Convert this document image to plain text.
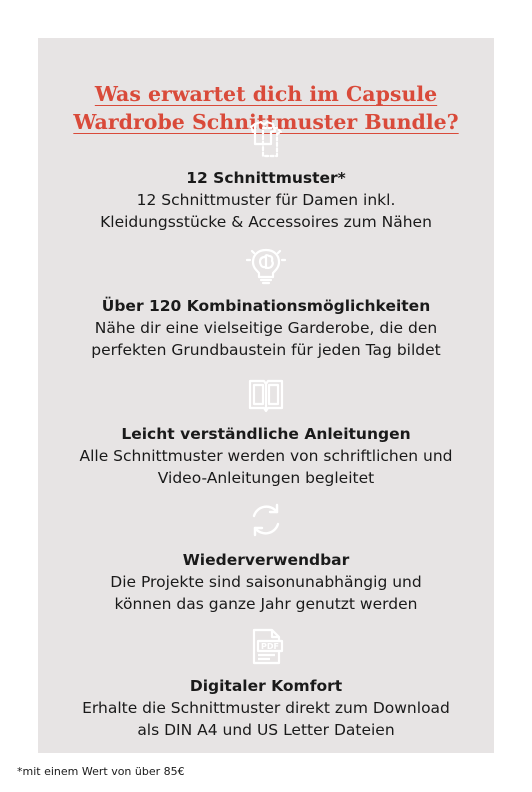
Was erwartet dich im Capsule
Wardrobe Schnittmuster Bundle?
12 Schnittmuster*
12 Schnittmuster für Damen inkl.
Kleidungsstücke & Accessoires zum Nähen
Über 120 Kombinationsmöglichkeiten
Nähe dir eine vielseitige Garderobe, die den
perfekten Grundbaustein für jeden Tag bildet
Leicht verständliche Anleitungen
Alle Schnittmuster werden von schriftlichen und
Video-Anleitungen begleitet
Wiederverwendbar
Die Projekte sind saisonunabhängig und
können das ganze Jahr genutzt werden
PDF
Digitaler Komfort
Erhalte die Schnittmuster direkt zum Download
als DIN A4 und US Letter Dateien
*mit einem Wert von über 85€
